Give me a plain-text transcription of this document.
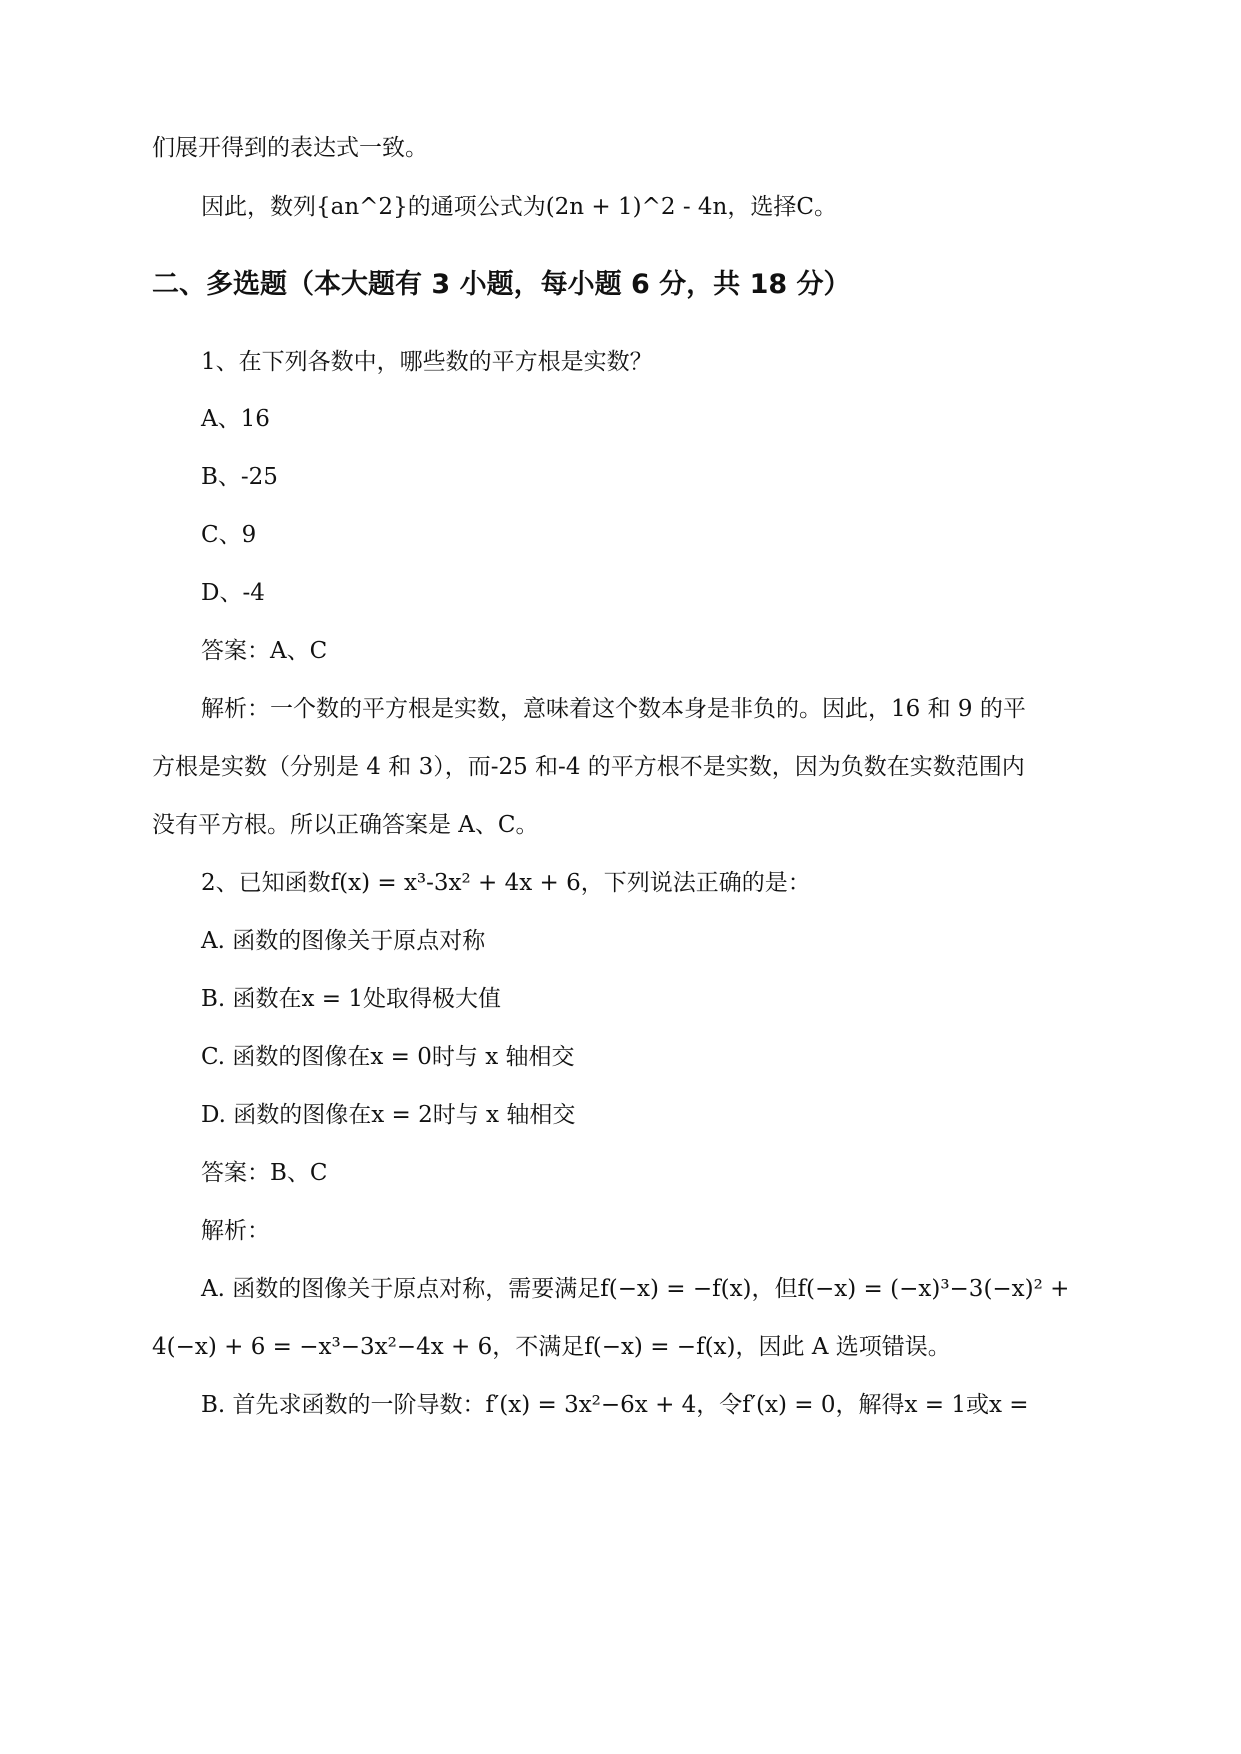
们展开得到的表达式一致。
因此，数列{an^2}的通项公式为(2n + 1)^2 - 4n，选择C。
二、多选题（本大题有 3 小题，每小题 6 分，共 18 分）
1、在下列各数中，哪些数的平方根是实数？
A、16
B、-25
C、9
D、-4
答案：A、C
解析：一个数的平方根是实数，意味着这个数本身是非负的。因此，16 和 9 的平
方根是实数（分别是 4 和 3），而-25 和-4 的平方根不是实数，因为负数在实数范围内
没有平方根。所以正确答案是 A、C。
2、已知函数f(x) = x³-3x² + 4x + 6，下列说法正确的是：
A. 函数的图像关于原点对称
B. 函数在x = 1处取得极大值
C. 函数的图像在x = 0时与 x 轴相交
D. 函数的图像在x = 2时与 x 轴相交
答案：B、C
解析：
A. 函数的图像关于原点对称，需要满足f(−x) = −f(x)，但f(−x) = (−x)³−3(−x)² +
4(−x) + 6 = −x³−3x²−4x + 6，不满足f(−x) = −f(x)，因此 A 选项错误。
B. 首先求函数的一阶导数：f′(x) = 3x²−6x + 4，令f′(x) = 0，解得x = 1或x =
